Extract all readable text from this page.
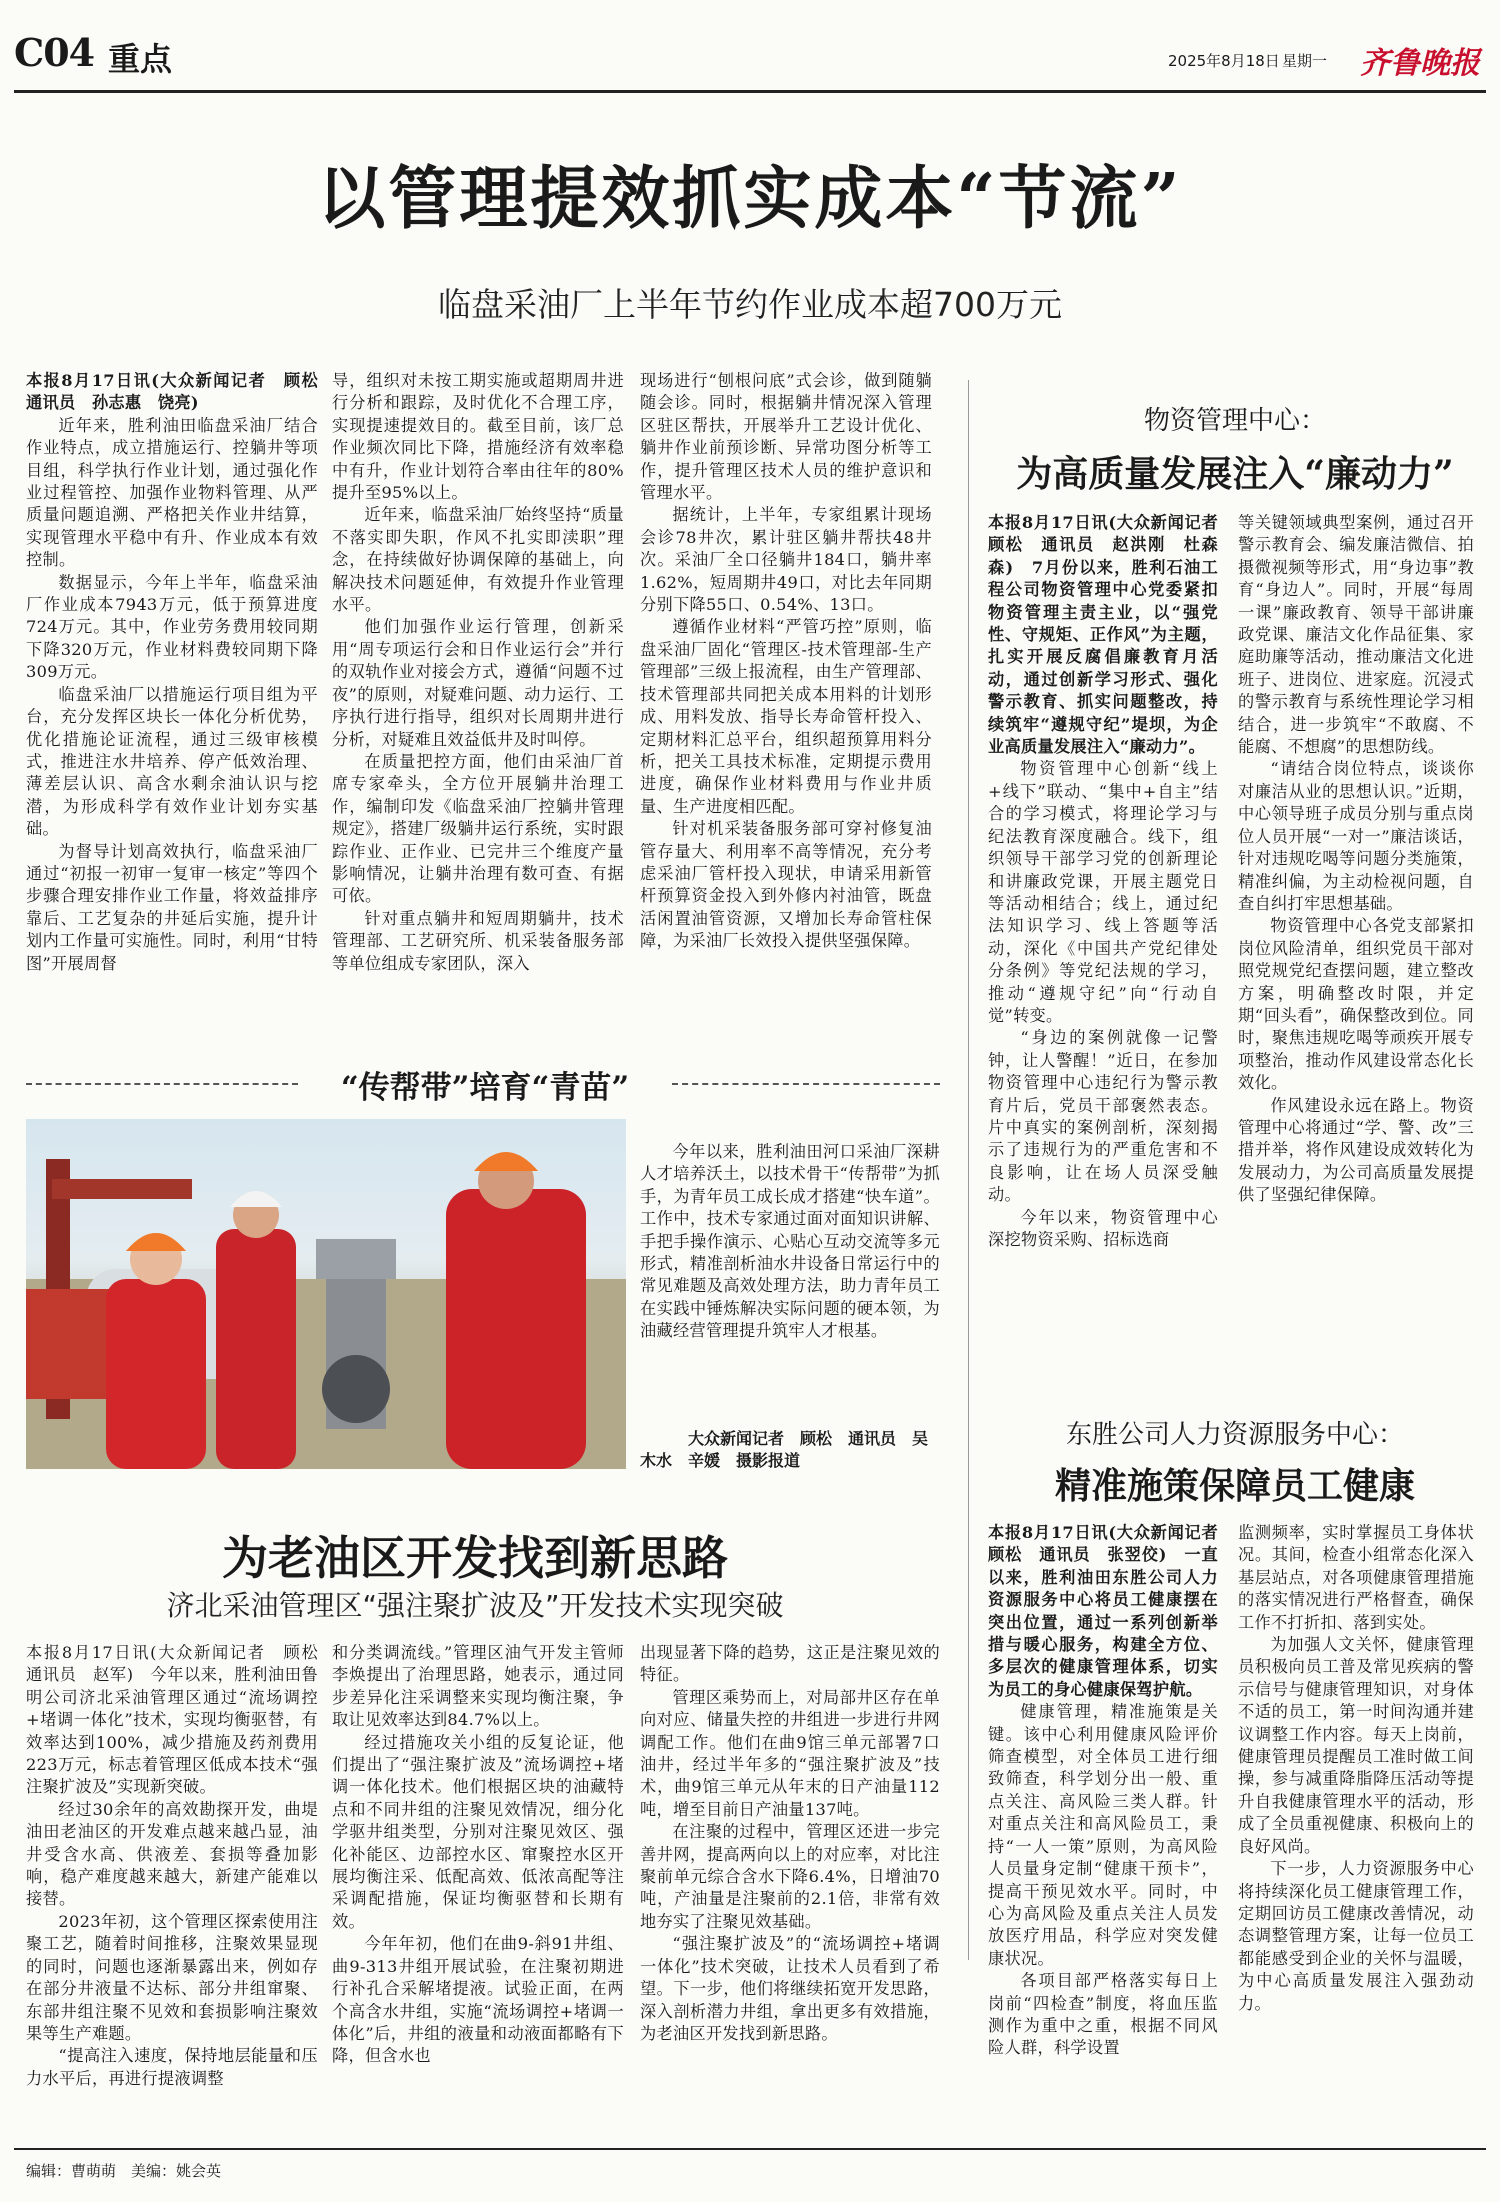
C04 重点	2025年8月18日 星期一 齐鲁晚报
以管理提效抓实成本“节流”
临盘采油厂上半年节约作业成本超700万元

本报8月17日讯(大众新闻记者　顾松　通讯员　孙志惠　饶亮)

近年来，胜利油田临盘采油厂结合作业特点，成立措施运行、控躺井等项目组，科学执行作业计划，通过强化作业过程管控、加强作业物料管理、从严质量问题追溯、严格把关作业井结算，实现管理水平稳中有升、作业成本有效控制。

数据显示，今年上半年，临盘采油厂作业成本7943万元，低于预算进度724万元。其中，作业劳务费用较同期下降320万元，作业材料费较同期下降309万元。

临盘采油厂以措施运行项目组为平台，充分发挥区块长一体化分析优势，优化措施论证流程，通过三级审核模式，推进注水井培养、停产低效治理、薄差层认识、高含水剩余油认识与挖潜，为形成科学有效作业计划夯实基础。

为督导计划高效执行，临盘采油厂通过“初报一初审一复审一核定”等四个步骤合理安排作业工作量，将效益排序靠后、工艺复杂的井延后实施，提升计划内工作量可实施性。同时，利用“甘特图”开展周督

导，组织对未按工期实施或超期周井进行分析和跟踪，及时优化不合理工序，实现提速提效目的。截至目前，该厂总作业频次同比下降，措施经济有效率稳中有升，作业计划符合率由往年的80%提升至95%以上。

近年来，临盘采油厂始终坚持“质量不落实即失职，作风不扎实即渎职”理念，在持续做好协调保障的基础上，向解决技术问题延伸，有效提升作业管理水平。

他们加强作业运行管理，创新采用“周专项运行会和日作业运行会”并行的双轨作业对接会方式，遵循“问题不过夜”的原则，对疑难问题、动力运行、工序执行进行指导，组织对长周期井进行分析，对疑难且效益低井及时叫停。

在质量把控方面，他们由采油厂首席专家牵头，全方位开展躺井治理工作，编制印发《临盘采油厂控躺井管理规定》，搭建厂级躺井运行系统，实时跟踪作业、正作业、已完井三个维度产量影响情况，让躺井治理有数可查、有据可依。

针对重点躺井和短周期躺井，技术管理部、工艺研究所、机采装备服务部等单位组成专家团队，深入

现场进行“刨根问底”式会诊，做到随躺随会诊。同时，根据躺井情况深入管理区驻区帮扶，开展举升工艺设计优化、躺井作业前预诊断、异常功图分析等工作，提升管理区技术人员的维护意识和管理水平。

据统计，上半年，专家组累计现场会诊78井次，累计驻区躺井帮扶48井次。采油厂全口径躺井184口，躺井率1.62%，短周期井49口，对比去年同期分别下降55口、0.54%、13口。

遵循作业材料“严管巧控”原则，临盘采油厂固化“管理区-技术管理部-生产管理部”三级上报流程，由生产管理部、技术管理部共同把关成本用料的计划形成、用料发放、指导长寿命管杆投入、定期材料汇总平台，组织超预算用料分析，把关工具技术标准，定期提示费用进度，确保作业材料费用与作业井质量、生产进度相匹配。

针对机采装备服务部可穿衬修复油管存量大、利用率不高等情况，充分考虑采油厂管杆投入现状，申请采用新管杆预算资金投入到外修内衬油管，既盘活闲置油管资源，又增加长寿命管柱保障，为采油厂长效投入提供坚强保障。

“传帮带”培育“青苗”

今年以来，胜利油田河口采油厂深耕人才培养沃土，以技术骨干“传帮带”为抓手，为青年员工成长成才搭建“快车道”。工作中，技术专家通过面对面知识讲解、手把手操作演示、心贴心互动交流等多元形式，精准剖析油水井设备日常运行中的常见难题及高效处理方法，助力青年员工在实践中锤炼解决实际问题的硬本领，为油藏经营管理提升筑牢人才根基。

大众新闻记者　顾松　通讯员　吴木水　辛媛　摄影报道
为老油区开发找到新思路
济北采油管理区“强注聚扩波及”开发技术实现突破

本报8月17日讯(大众新闻记者　顾松　通讯员　赵军)　今年以来，胜利油田鲁明公司济北采油管理区通过“流场调控+堵调一体化”技术，实现均衡驱替，有效率达到100%，减少措施及药剂费用223万元，标志着管理区低成本技术“强注聚扩波及”实现新突破。

经过30余年的高效勘探开发，曲堤油田老油区的开发难点越来越凸显，油井受含水高、供液差、套损等叠加影响，稳产难度越来越大，新建产能难以接替。

2023年初，这个管理区探索使用注聚工艺，随着时间推移，注聚效果显现的同时，问题也逐渐暴露出来，例如存在部分井液量不达标、部分井组窜聚、东部井组注聚不见效和套损影响注聚效果等生产难题。

“提高注入速度，保持地层能量和压力水平后，再进行提液调整

和分类调流线。”管理区油气开发主管师李焕提出了治理思路，她表示，通过同步差异化注采调整来实现均衡注聚，争取让见效率达到84.7%以上。

经过措施攻关小组的反复论证，他们提出了“强注聚扩波及”流场调控+堵调一体化技术。他们根据区块的油藏特点和不同井组的注聚见效情况，细分化学驱井组类型，分别对注聚见效区、强化补能区、边部控水区、窜聚控水区开展均衡注采、低配高效、低浓高配等注采调配措施，保证均衡驱替和长期有效。

今年年初，他们在曲9-斜91井组、曲9-313井组开展试验，在注聚初期进行补孔合采解堵提液。试验正面，在两个高含水井组，实施“流场调控+堵调一体化”后，井组的液量和动液面都略有下降，但含水也

出现显著下降的趋势，这正是注聚见效的特征。

管理区乘势而上，对局部井区存在单向对应、储量失控的井组进一步进行井网调配工作。他们在曲9馆三单元部署7口油井，经过半年多的“强注聚扩波及”技术，曲9馆三单元从年末的日产油量112吨，增至目前日产油量137吨。

在注聚的过程中，管理区还进一步完善井网，提高两向以上的对应率，对比注聚前单元综合含水下降6.4%，日增油70吨，产油量是注聚前的2.1倍，非常有效地夯实了注聚见效基础。

“强注聚扩波及”的“流场调控+堵调一体化”技术突破，让技术人员看到了希望。下一步，他们将继续拓宽开发思路，深入剖析潜力井组，拿出更多有效措施，为老油区开发找到新思路。

物资管理中心：
为高质量发展注入“廉动力”

本报8月17日讯(大众新闻记者　顾松　通讯员　赵洪刚　杜森森)　7月份以来，胜利石油工程公司物资管理中心党委紧扣物资管理主责主业，以“强党性、守规矩、正作风”为主题，扎实开展反腐倡廉教育月活动，通过创新学习形式、强化警示教育、抓实问题整改，持续筑牢“遵规守纪”堤坝，为企业高质量发展注入“廉动力”。

物资管理中心创新“线上+线下”联动、“集中+自主”结合的学习模式，将理论学习与纪法教育深度融合。线下，组织领导干部学习党的创新理论和讲廉政党课，开展主题党日等活动相结合；线上，通过纪法知识学习、线上答题等活动，深化《中国共产党纪律处分条例》等党纪法规的学习，推动“遵规守纪”向“行动自觉”转变。

“身边的案例就像一记警钟，让人警醒！”近日，在参加物资管理中心违纪行为警示教育片后，党员干部褒然表态。片中真实的案例剖析，深刻揭示了违规行为的严重危害和不良影响，让在场人员深受触动。

今年以来，物资管理中心深挖物资采购、招标选商

等关键领域典型案例，通过召开警示教育会、编发廉洁微信、拍摄微视频等形式，用“身边事”教育“身边人”。同时，开展“每周一课”廉政教育、领导干部讲廉政党课、廉洁文化作品征集、家庭助廉等活动，推动廉洁文化进班子、进岗位、进家庭。沉浸式的警示教育与系统性理论学习相结合，进一步筑牢“不敢腐、不能腐、不想腐”的思想防线。

“请结合岗位特点，谈谈你对廉洁从业的思想认识。”近期，中心领导班子成员分别与重点岗位人员开展“一对一”廉洁谈话，针对违规吃喝等问题分类施策，精准纠偏，为主动检视问题，自查自纠打牢思想基础。

物资管理中心各党支部紧扣岗位风险清单，组织党员干部对照党规党纪查摆问题，建立整改方案，明确整改时限，并定期“回头看”，确保整改到位。同时，聚焦违规吃喝等顽疾开展专项整治，推动作风建设常态化长效化。

作风建设永远在路上。物资管理中心将通过“学、警、改”三措并举，将作风建设成效转化为发展动力，为公司高质量发展提供了坚强纪律保障。

东胜公司人力资源服务中心：
精准施策保障员工健康

本报8月17日讯(大众新闻记者　顾松　通讯员　张翌佼)　一直以来，胜利油田东胜公司人力资源服务中心将员工健康摆在突出位置，通过一系列创新举措与暖心服务，构建全方位、多层次的健康管理体系，切实为员工的身心健康保驾护航。

健康管理，精准施策是关键。该中心利用健康风险评价筛查模型，对全体员工进行细致筛查，科学划分出一般、重点关注、高风险三类人群。针对重点关注和高风险员工，秉持“一人一策”原则，为高风险人员量身定制“健康干预卡”，提高干预见效水平。同时，中心为高风险及重点关注人员发放医疗用品，科学应对突发健康状况。

各项目部严格落实每日上岗前“四检查”制度，将血压监测作为重中之重，根据不同风险人群，科学设置

监测频率，实时掌握员工身体状况。其间，检查小组常态化深入基层站点，对各项健康管理措施的落实情况进行严格督查，确保工作不打折扣、落到实处。

为加强人文关怀，健康管理员积极向员工普及常见疾病的警示信号与健康管理知识，对身体不适的员工，第一时间沟通并建议调整工作内容。每天上岗前，健康管理员提醒员工准时做工间操，参与减重降脂降压活动等提升自我健康管理水平的活动，形成了全员重视健康、积极向上的良好风尚。

下一步，人力资源服务中心将持续深化员工健康管理工作，定期回访员工健康改善情况，动态调整管理方案，让每一位员工都能感受到企业的关怀与温暖，为中心高质量发展注入强劲动力。

编辑：曹萌萌　美编：姚会英
